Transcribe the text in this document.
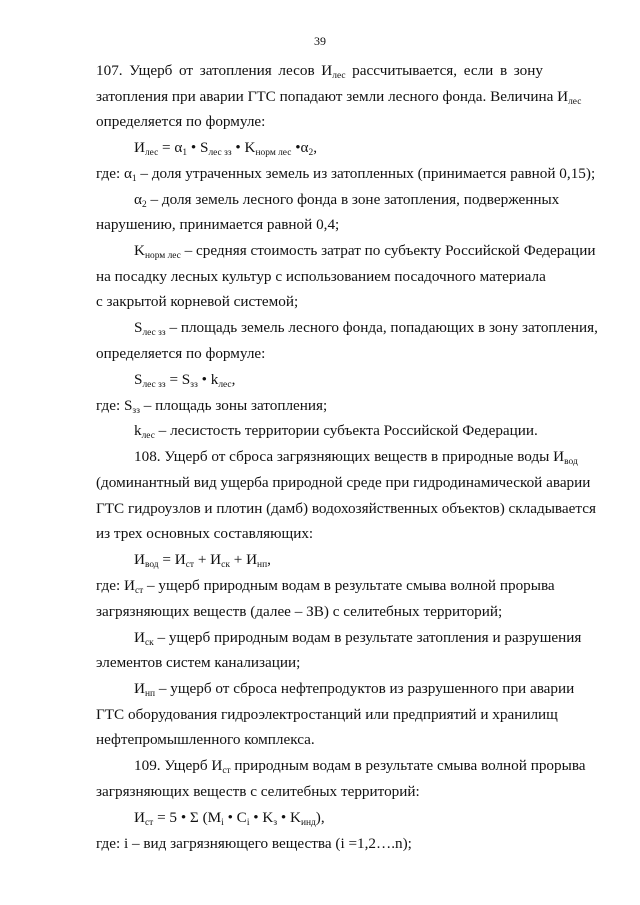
39
107. Ущерб от затопления лесов $И_{лес}$ рассчитывается, если в зону
затопления при аварии ГТС попадают земли лесного фонда. Величина $И_{лес}$
определяется по формуле:
$И_{лес} = \alpha_1$ • $S_{лес зз}$ • $K_{норм лес}$ $•\alpha_2$,
где: $\alpha_1$ – доля утраченных земель из затопленных (принимается равной 0,15);
$\alpha_2$ – доля земель лесного фонда в зоне затопления, подверженных
нарушению, принимается равной 0,4;
$K_{норм лес}$ – средняя стоимость затрат по субъекту Российской Федерации
на посадку лесных культур с использованием посадочного материала
с закрытой корневой системой;
$S_{лес зз}$ – площадь земель лесного фонда, попадающих в зону затопления,
определяется по формуле:
$S_{лес зз} = S_{зз}$ • $k_{лес}$,
где: $S_{зз}$ – площадь зоны затопления;
$k_{лес}$ – лесистость территории субъекта Российской Федерации.
108. Ущерб от сброса загрязняющих веществ в природные воды $И_{вод}$
(доминантный вид ущерба природной среде при гидродинамической аварии
ГТС гидроузлов и плотин (дамб) водохозяйственных объектов) складывается
из трех основных составляющих:
$И_{вод} = И_{ст} + И_{ск} + И_{нп}$,
где: $И_{ст}$ – ущерб природным водам в результате смыва волной прорыва
загрязняющих веществ (далее – ЗВ) с селитебных территорий;
$И_{ск}$ – ущерб природным водам в результате затопления и разрушения
элементов систем канализации;
$И_{нп}$ – ущерб от сброса нефтепродуктов из разрушенного при аварии
ГТС оборудования гидроэлектростанций или предприятий и хранилищ
нефтепромышленного комплекса.
109. Ущерб $И_{ст}$ природным водам в результате смыва волной прорыва
загрязняющих веществ с селитебных территорий:
$И_{ст} = 5$ • Σ ($M_i$ • $C_i$ • $K_з$ • $K_{инд}$),
где: i – вид загрязняющего вещества (i =1,2….n);
